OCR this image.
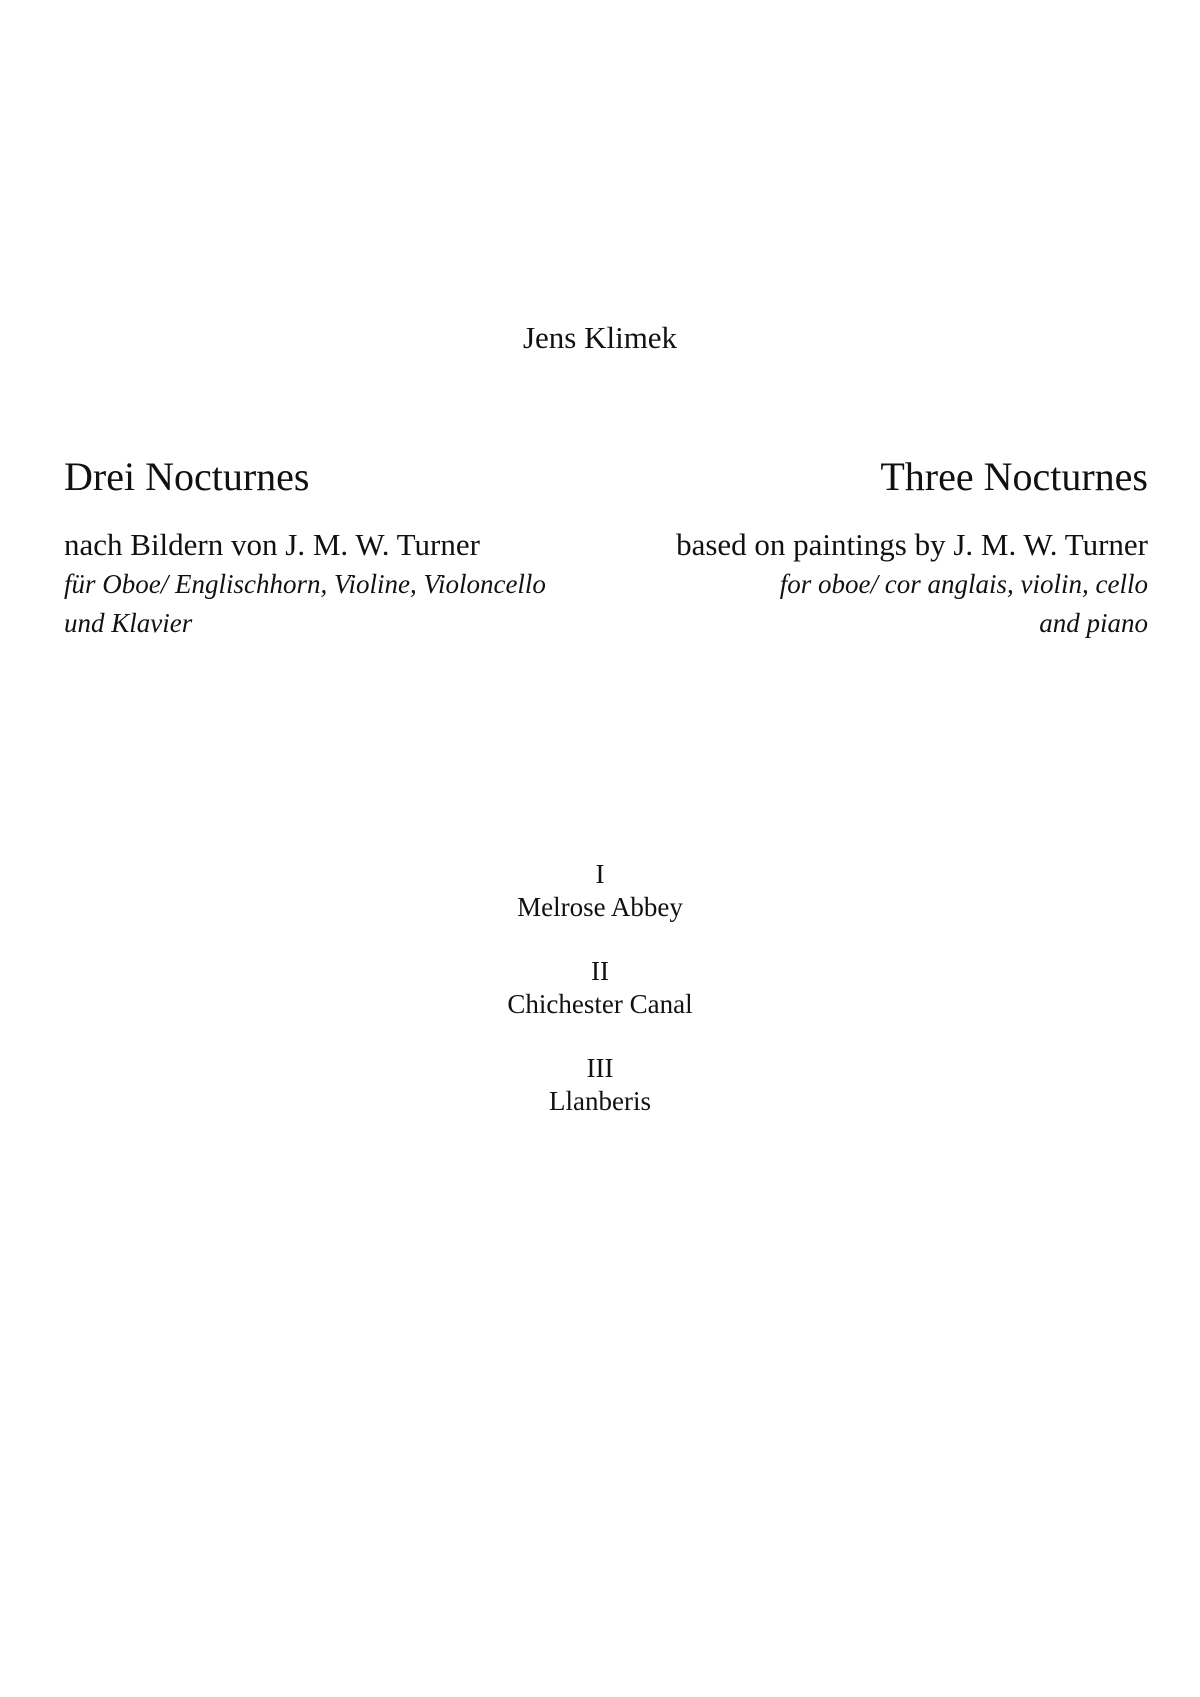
Jens Klimek
Drei Nocturnes
nach Bildern von J. M. W. Turner
für Oboe/ Englischhorn, Violine, Violoncello
und Klavier
Three Nocturnes
based on paintings by J. M. W. Turner
for oboe/ cor anglais, violin, cello
and piano
I
Melrose Abbey
II
Chichester Canal
III
Llanberis
